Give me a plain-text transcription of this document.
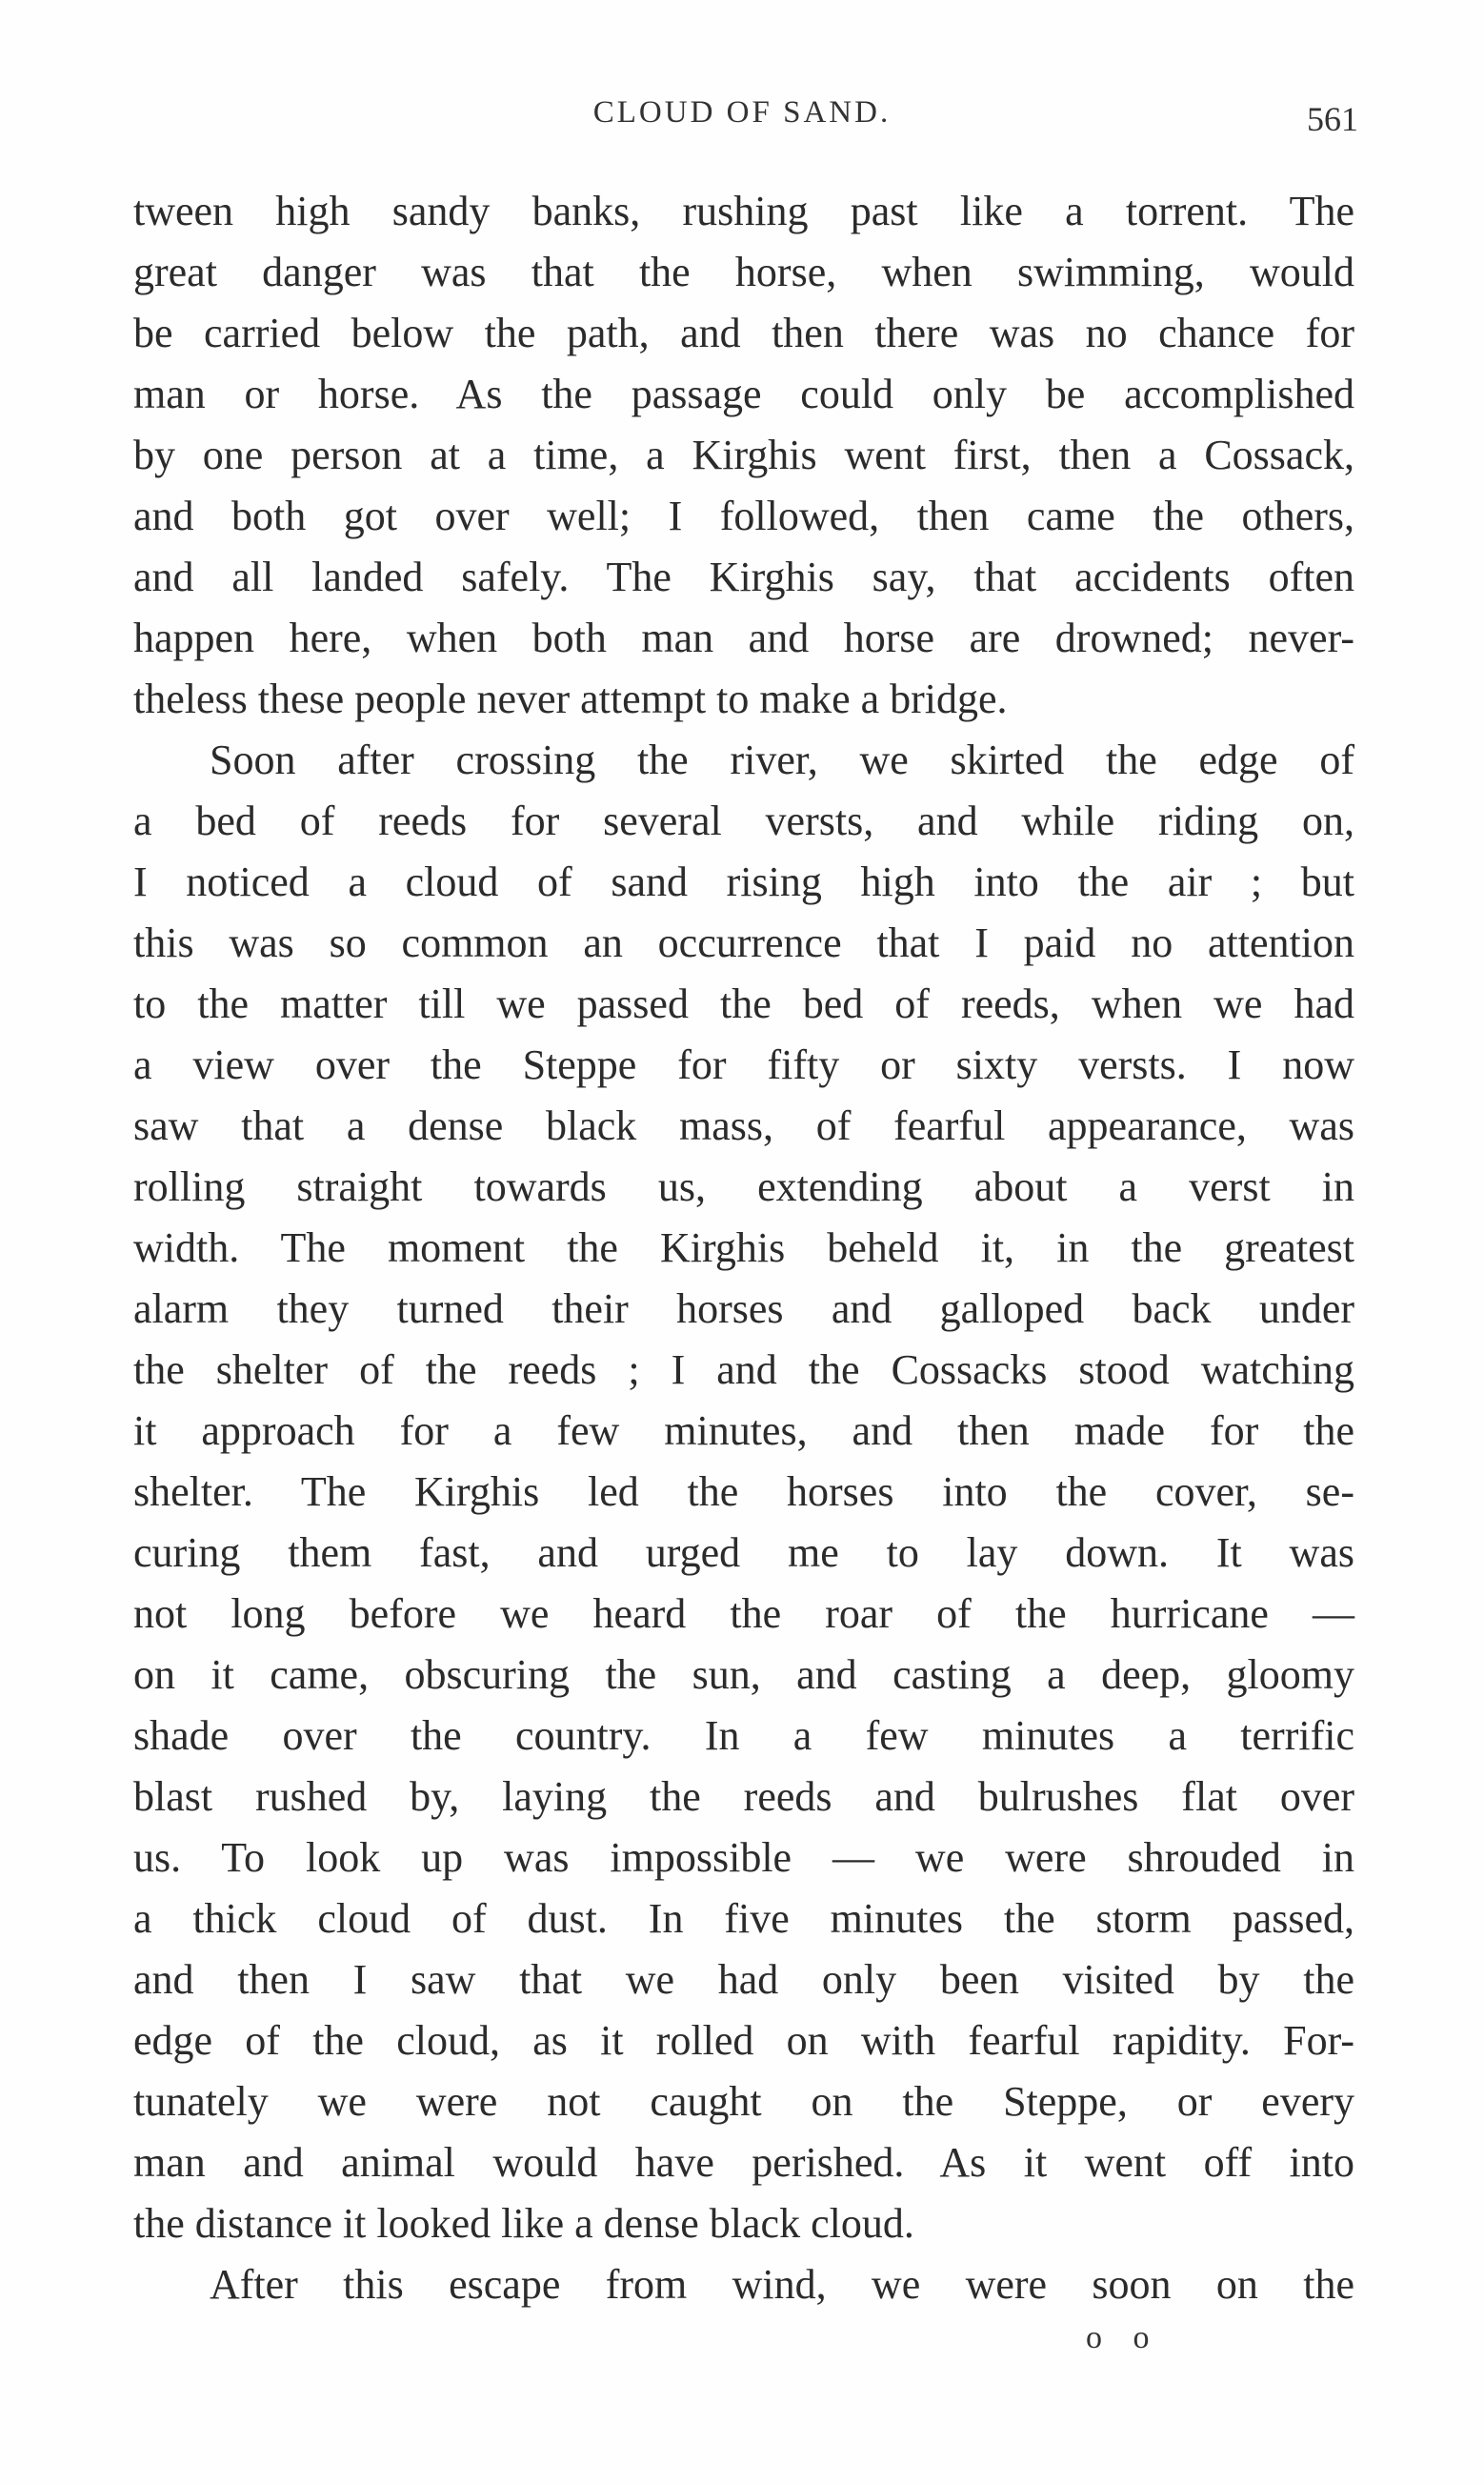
CLOUD OF SAND.	561
tween high sandy banks, rushing past like a torrent. The
great danger was that the horse, when swimming, would
be carried below the path, and then there was no chance for
man or horse. As the passage could only be accomplished
by one person at a time, a Kirghis went first, then a Cossack,
and both got over well; I followed, then came the others,
and all landed safely. The Kirghis say, that accidents often
happen here, when both man and horse are drowned; never-
theless these people never attempt to make a bridge.
Soon after crossing the river, we skirted the edge of
a bed of reeds for several versts, and while riding on,
I noticed a cloud of sand rising high into the air ; but
this was so common an occurrence that I paid no attention
to the matter till we passed the bed of reeds, when we had
a view over the Steppe for fifty or sixty versts. I now
saw that a dense black mass, of fearful appearance, was
rolling straight towards us, extending about a verst in
width. The moment the Kirghis beheld it, in the greatest
alarm they turned their horses and galloped back under
the shelter of the reeds ; I and the Cossacks stood watching
it approach for a few minutes, and then made for the
shelter. The Kirghis led the horses into the cover, se-
curing them fast, and urged me to lay down. It was
not long before we heard the roar of the hurricane —
on it came, obscuring the sun, and casting a deep, gloomy
shade over the country. In a few minutes a terrific
blast rushed by, laying the reeds and bulrushes flat over
us. To look up was impossible — we were shrouded in
a thick cloud of dust. In five minutes the storm passed,
and then I saw that we had only been visited by the
edge of the cloud, as it rolled on with fearful rapidity. For-
tunately we were not caught on the Steppe, or every
man and animal would have perished. As it went off into
the distance it looked like a dense black cloud.
After this escape from wind, we were soon on the
o o
